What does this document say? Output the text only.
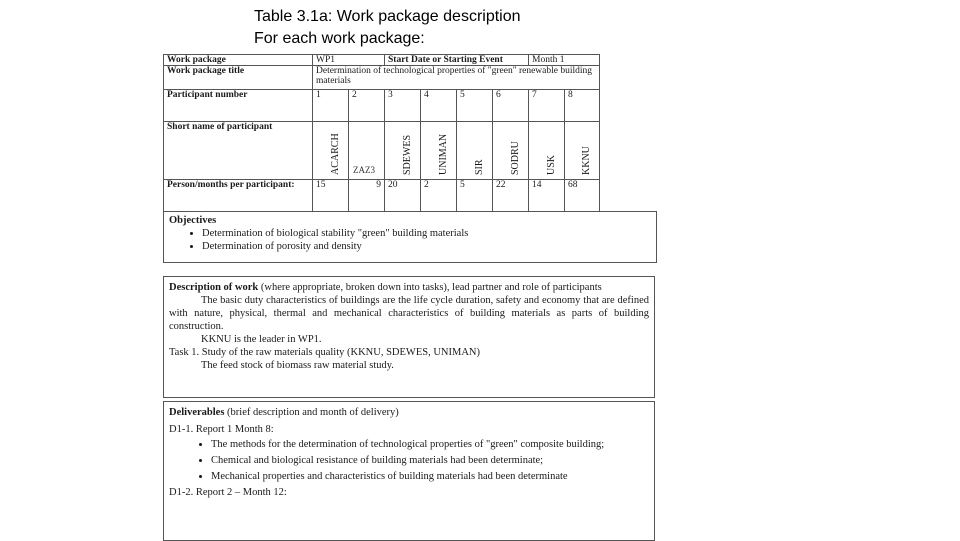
Table 3.1a: Work package description
For each work package:
Work package	WP1		Start Date or Starting Event				Month 1	
Work package title	Determination of technological properties of "green" renewable building materials							
Participant number	1	2	3	4	5	6	7	8
Short name of participant	ACARCH	ZAZ3	SDEWES	UNIMAN	SIR	SODRU	USK	KKNU

Person/months per participant:	15	9	20	2	5	22	14	68

Objectives

• Determination of biological stability "green" building materials
• Determination of porosity and density

Description of work (where appropriate, broken down into tasks), lead partner and role of participants

The basic duty characteristics of buildings are the life cycle duration, safety and economy that are defined with nature, physical, thermal and mechanical characteristics of building materials as parts of building construction.

KKNU is the leader in WP1.

Task 1. Study of the raw materials quality (KKNU, SDEWES, UNIMAN)

The feed stock of biomass raw material study.

Deliverables (brief description and month of delivery)

D1-1. Report 1 Month 8:

• The methods for the determination of technological properties of "green" composite building;
• Chemical and biological resistance of building materials had been determinate;
• Mechanical properties and characteristics of building materials had been determinate

D1-2. Report 2 – Month 12:
